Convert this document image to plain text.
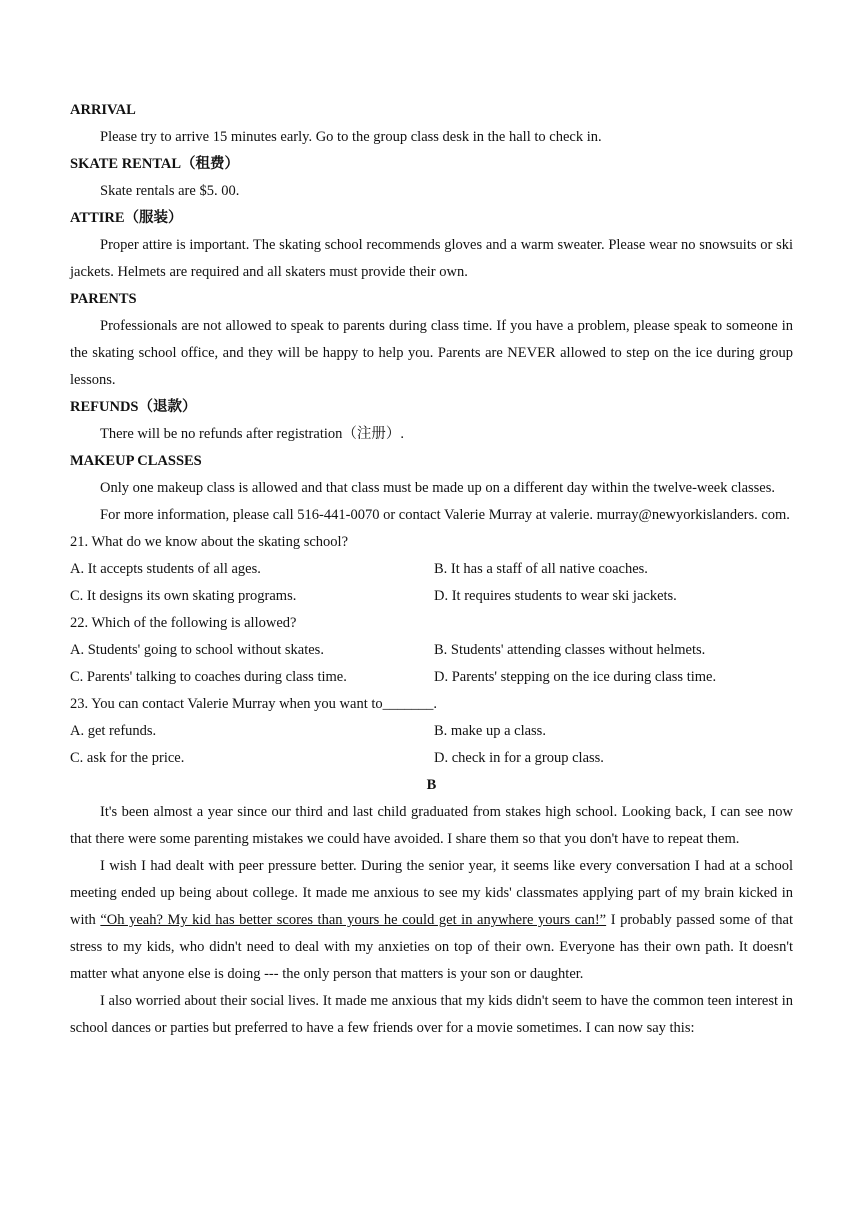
ARRIVAL
Please try to arrive 15 minutes early. Go to the group class desk in the hall to check in.
SKATE RENTAL（租费）
Skate rentals are $5. 00.
ATTIRE（服装）
Proper attire is important. The skating school recommends gloves and a warm sweater. Please wear no snowsuits or ski jackets. Helmets are required and all skaters must provide their own.
PARENTS
Professionals are not allowed to speak to parents during class time. If you have a problem, please speak to someone in the skating school office, and they will be happy to help you. Parents are NEVER allowed to step on the ice during group lessons.
REFUNDS（退款）
There will be no refunds after registration（注册）.
MAKEUP CLASSES
Only one makeup class is allowed and that class must be made up on a different day within the twelve-week classes.
For more information, please call 516-441-0070 or contact Valerie Murray at valerie. murray@newyorkislanders. com.
21. What do we know about the skating school?
A. It accepts students of all ages.	B. It has a staff of all native coaches.
C. It designs its own skating programs.	D. It requires students to wear ski jackets.
22. Which of the following is allowed?
A. Students' going to school without skates.	B. Students' attending classes without helmets.
C. Parents' talking to coaches during class time.	D. Parents' stepping on the ice during class time.
23. You can contact Valerie Murray when you want to_______.
A. get refunds.	B. make up a class.
C. ask for the price.	D. check in for a group class.
B
It's been almost a year since our third and last child graduated from stakes high school. Looking back, I can see now that there were some parenting mistakes we could have avoided. I share them so that you don't have to repeat them.
I wish I had dealt with peer pressure better. During the senior year, it seems like every conversation I had at a school meeting ended up being about college. It made me anxious to see my kids' classmates applying part of my brain kicked in with “Oh yeah? My kid has better scores than yours he could get in anywhere yours can!” I probably passed some of that stress to my kids, who didn't need to deal with my anxieties on top of their own. Everyone has their own path. It doesn't matter what anyone else is doing --- the only person that matters is your son or daughter.
I also worried about their social lives. It made me anxious that my kids didn't seem to have the common teen interest in school dances or parties but preferred to have a few friends over for a movie sometimes. I can now say this:
